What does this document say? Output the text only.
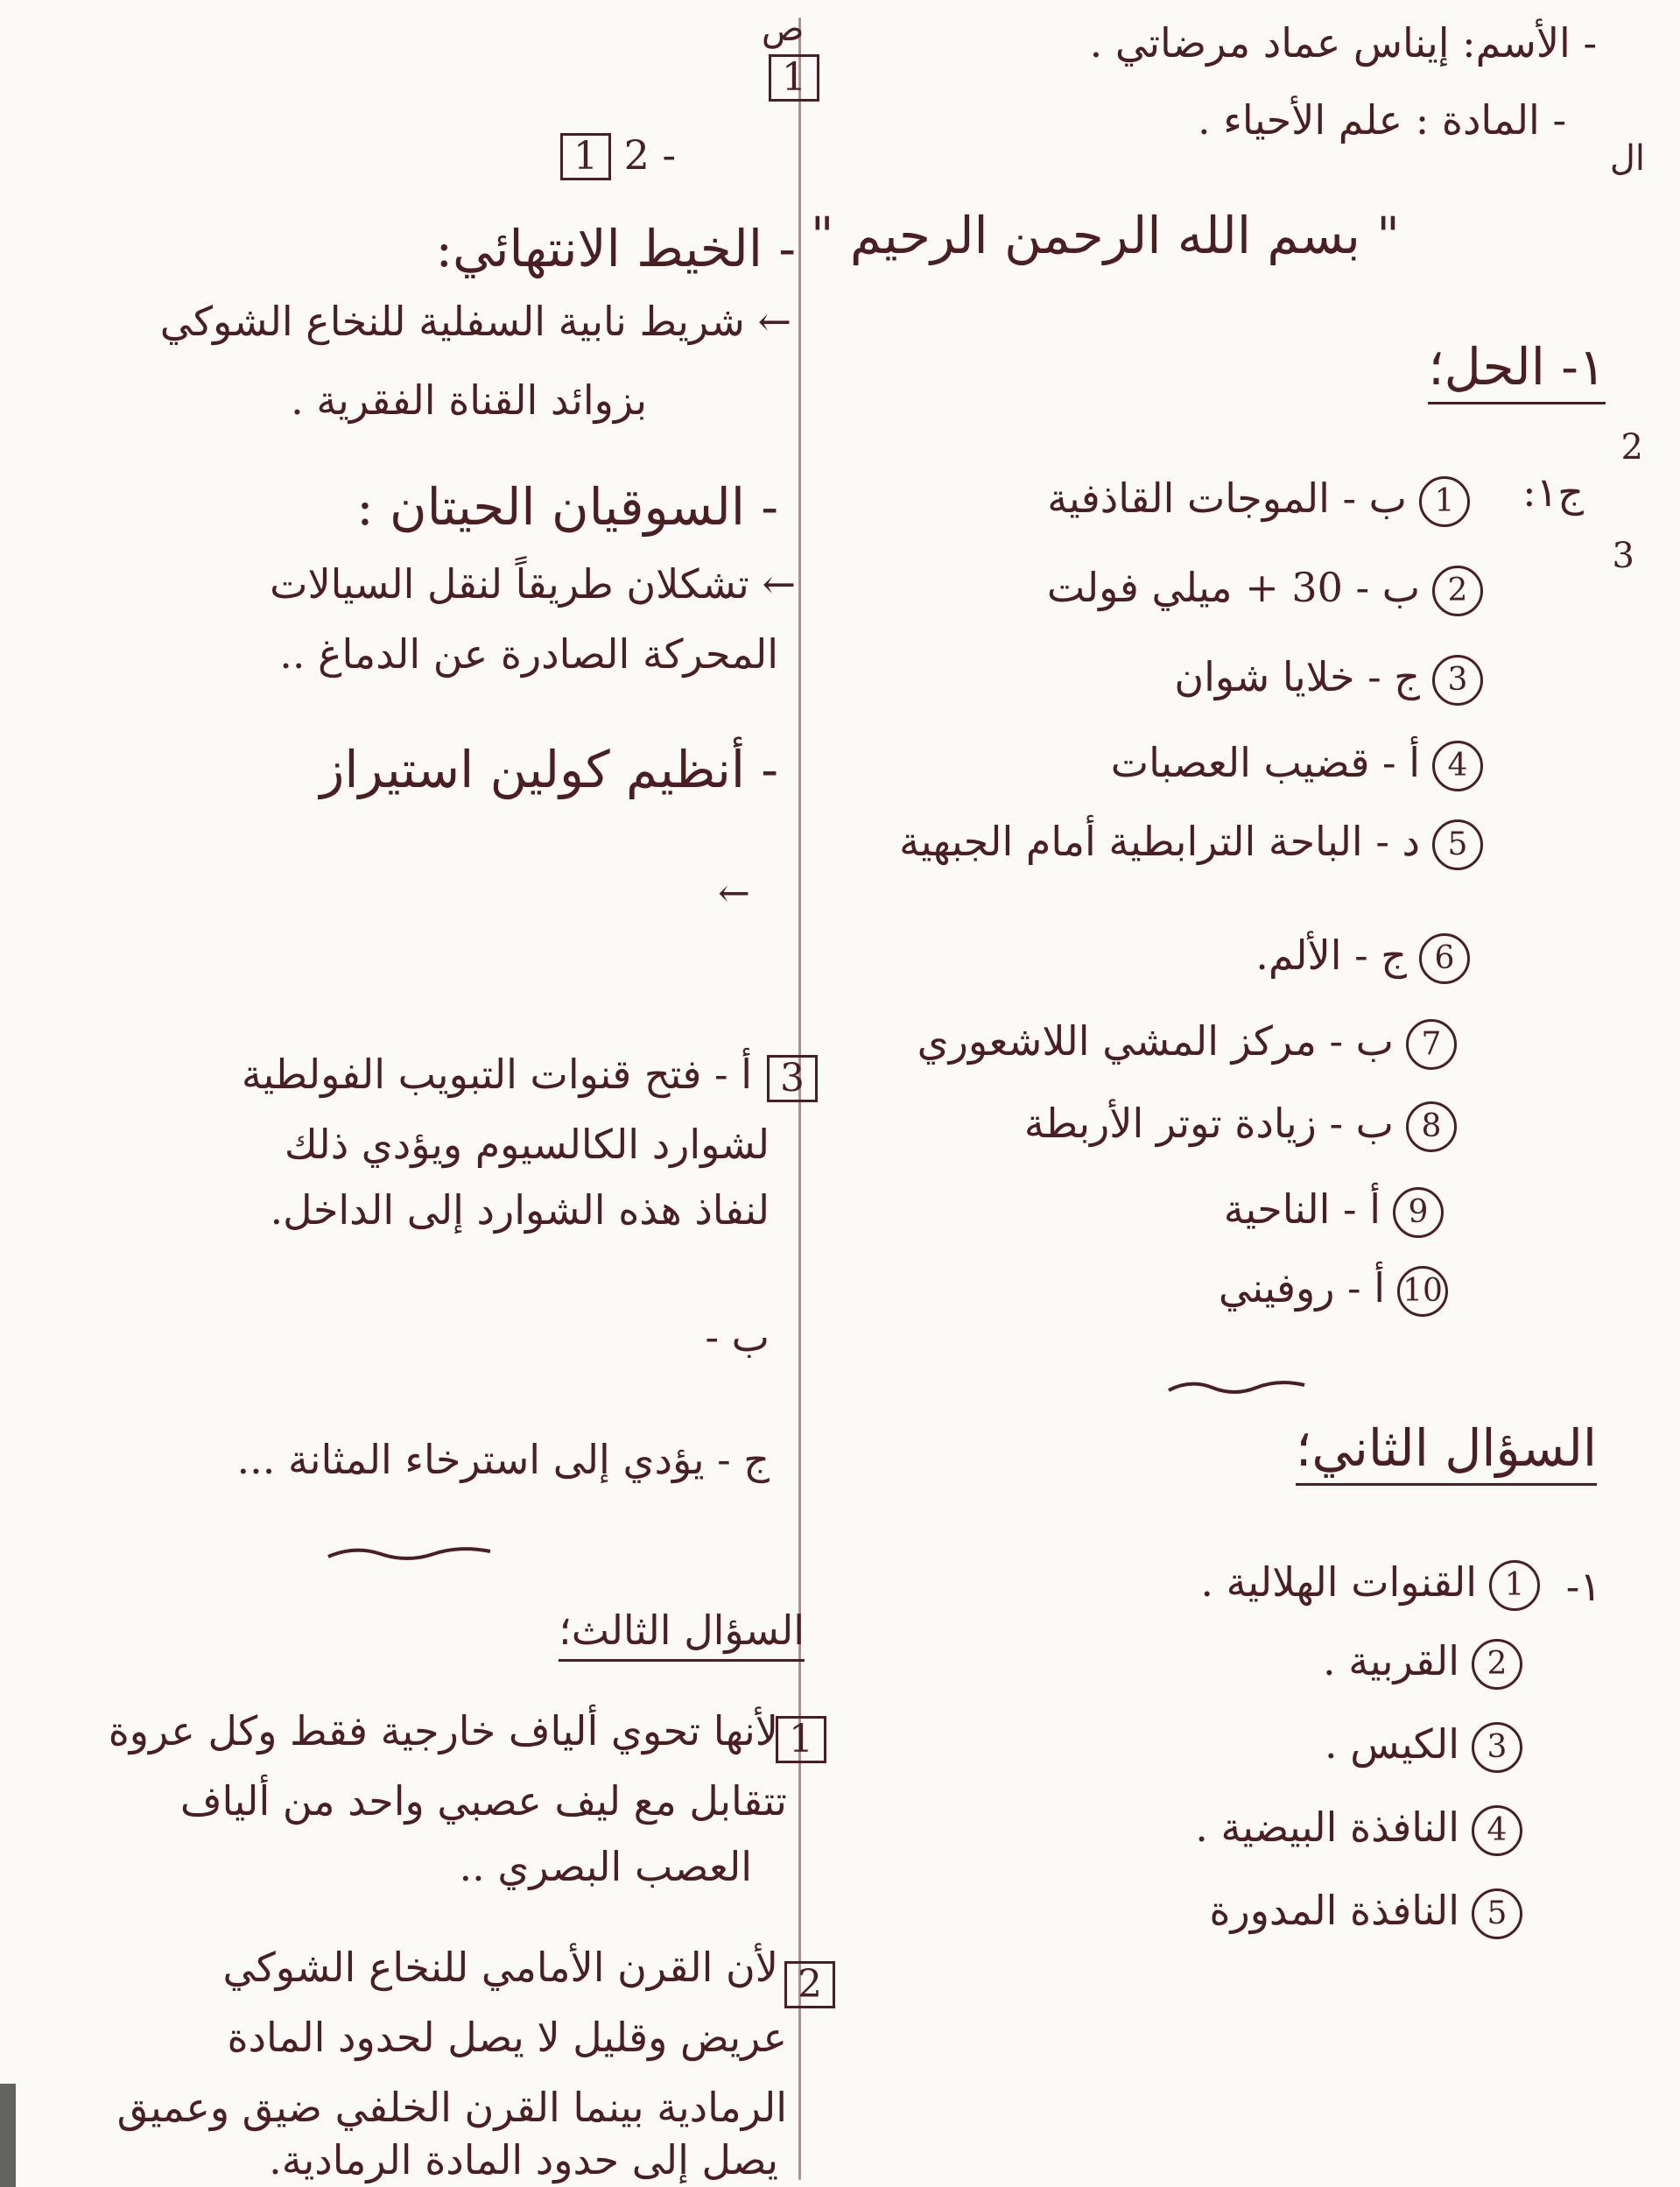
- الأسم: إيناس عماد مرضاتي .
- المادة : علم الأحياء .
ال
" بسم الله الرحمن الرحيم "
ص
1
١- الحل؛
2
3
ج١:
1ب - الموجات القاذفية
2ب - 30 + ميلي فولت
3ج - خلايا شوان
4أ - قضيب العصبات
5د - الباحة الترابطية أمام الجبهية
6ج - الألم.
7ب - مركز المشي اللاشعوري
8ب - زيادة توتر الأربطة
9أ - الناحية
10أ - روفيني
السؤال الثاني؛
١-
1القنوات الهلالية .
2القربية .
3الكيس .
4النافذة البيضية .
5النافذة المدورة
1 2 -
- الخيط الانتهائي:
← شريط نابية السفلية للنخاع الشوكي
بزوائد القناة الفقرية .
- السوقيان الحيتان :
← تشكلان طريقاً لنقل السيالات
المحركة الصادرة عن الدماغ ..
- أنظيم كولين استيراز
←
3
أ - فتح قنوات التبويب الفولطية
لشوارد الكالسيوم ويؤدي ذلك
لنفاذ هذه الشوارد إلى الداخل.
ب -
ج - يؤدي إلى استرخاء المثانة ...
السؤال الثالث؛
1
لأنها تحوي ألياف خارجية فقط وكل عروة
تتقابل مع ليف عصبي واحد من ألياف
العصب البصري ..
2
لأن القرن الأمامي للنخاع الشوكي
عريض وقليل لا يصل لحدود المادة
الرمادية بينما القرن الخلفي ضيق وعميق
يصل إلى حدود المادة الرمادية.
